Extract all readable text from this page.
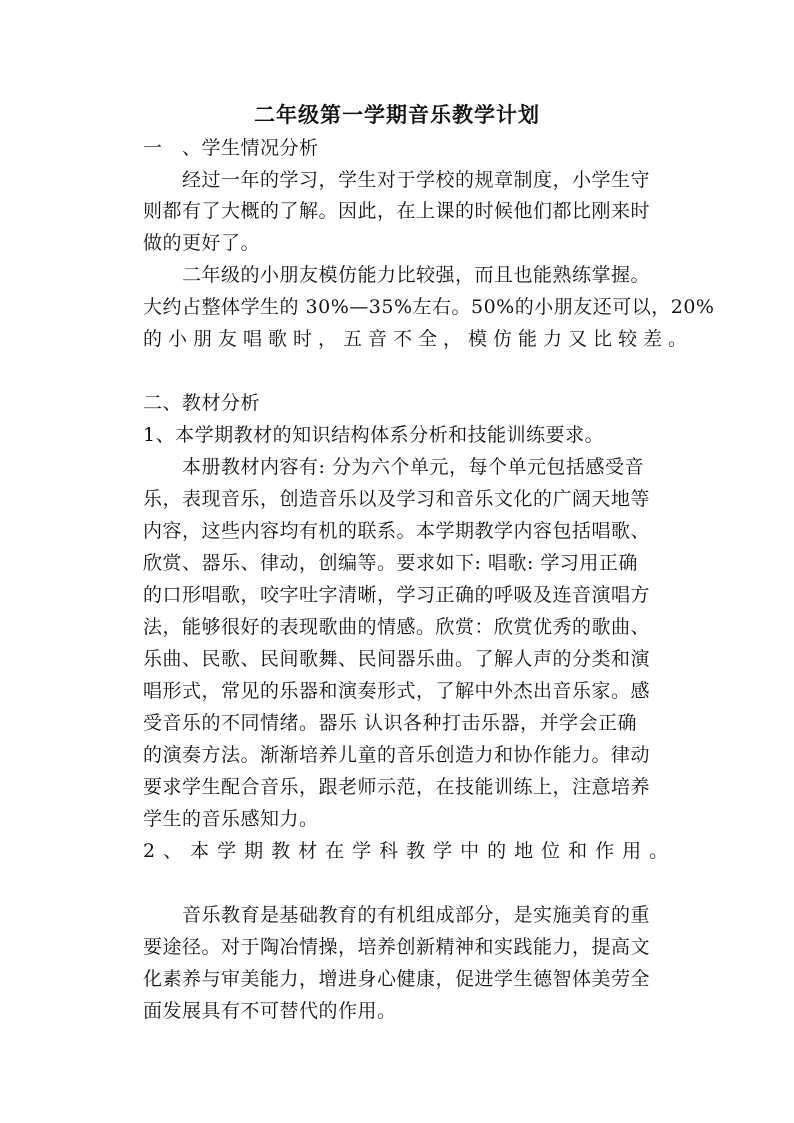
二年级第一学期音乐教学计划
一　、学生情况分析
经过一年的学习，学生对于学校的规章制度，小学生守
则都有了大概的了解。因此，在上课的时候他们都比刚来时
做的更好了。
二年级的小朋友模仿能力比较强，而且也能熟练掌握。
大约占整体学生的 30%—35%左右。50%的小朋友还可以，20%
的小朋友唱歌时，五音不全，模仿能力又比较差。
二、教材分析
1、本学期教材的知识结构体系分析和技能训练要求。
本册教材内容有: 分为六个单元，每个单元包括感受音
乐，表现音乐，创造音乐以及学习和音乐文化的广阔天地等
内容，这些内容均有机的联系。本学期教学内容包括唱歌、
欣赏、器乐、律动，创编等。要求如下: 唱歌: 学习用正确
的口形唱歌，咬字吐字清晰，学习正确的呼吸及连音演唱方
法，能够很好的表现歌曲的情感。欣赏：欣赏优秀的歌曲、
乐曲、民歌、民间歌舞、民间器乐曲。了解人声的分类和演
唱形式，常见的乐器和演奏形式，了解中外杰出音乐家。感
受音乐的不同情绪。器乐 认识各种打击乐器，并学会正确
的演奏方法。渐渐培养儿童的音乐创造力和协作能力。律动
要求学生配合音乐，跟老师示范，在技能训练上，注意培养
学生的音乐感知力。
2、本学期教材在学科教学中的地位和作用。
音乐教育是基础教育的有机组成部分，是实施美育的重
要途径。对于陶冶情操，培养创新精神和实践能力，提高文
化素养与审美能力，增进身心健康，促进学生德智体美劳全
面发展具有不可替代的作用。
